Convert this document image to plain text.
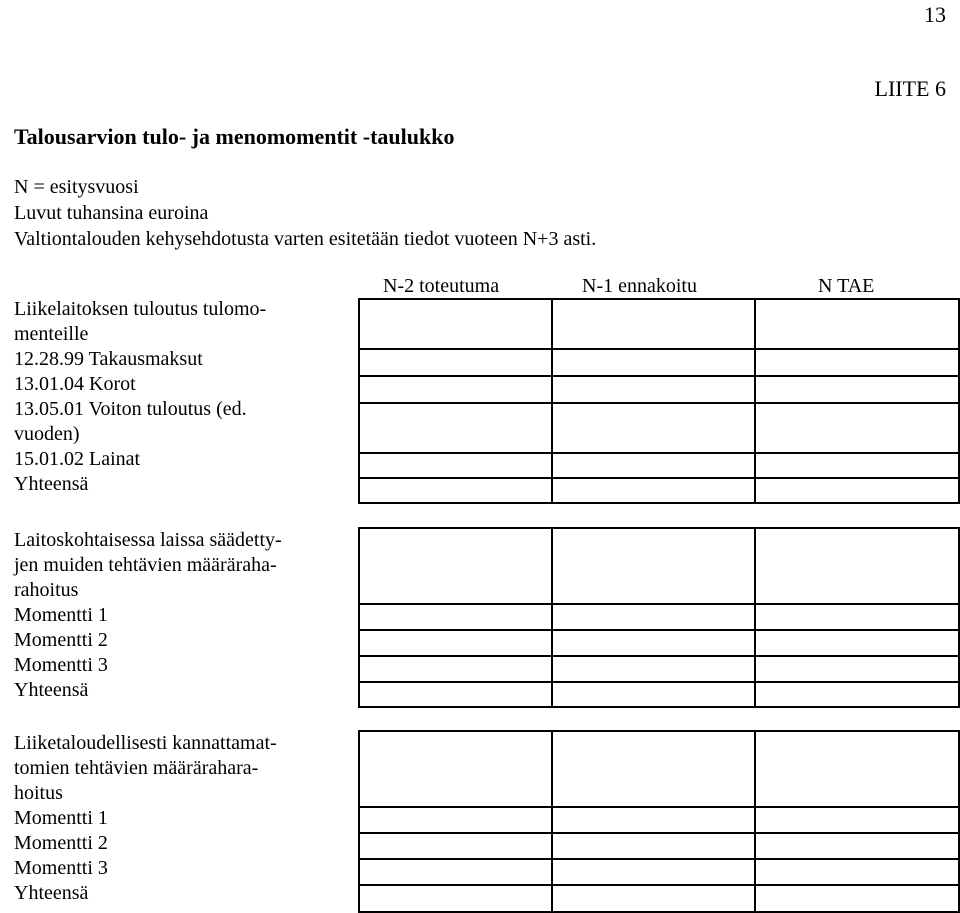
13
LIITE 6
Talousarvion tulo- ja menomomentit -taulukko
N = esitysvuosi
Luvut tuhansina euroina
Valtiontalouden kehysehdotusta varten esitetään tiedot vuoteen N+3 asti.
N-2 toteutuma	N-1 ennakoitu	N TAE
Liikelaitoksen tuloutus tulomo-
menteille
12.28.99 Takausmaksut
13.01.04 Korot
13.05.01 Voiton tuloutus (ed.
vuoden)
15.01.02 Lainat
Yhteensä
Laitoskohtaisessa laissa säädetty-
jen muiden tehtävien määräraha-
rahoitus
Momentti 1
Momentti 2
Momentti 3
Yhteensä
Liiketaloudellisesti kannattamat-
tomien tehtävien määrärahara-
hoitus
Momentti 1
Momentti 2
Momentti 3
Yhteensä
